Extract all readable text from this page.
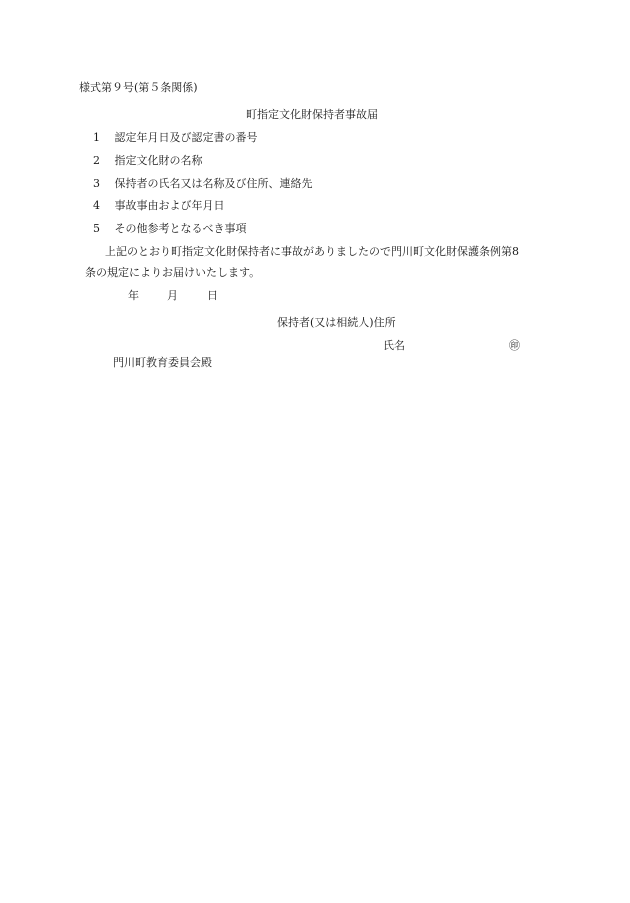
様式第９号(第５条関係)
町指定文化財保持者事故届
1 認定年月日及び認定書の番号
2 指定文化財の名称
3 保持者の氏名又は名称及び住所、連絡先
4 事故事由および年月日
5 その他参考となるべき事項
上記のとおり町指定文化財保持者に事故がありましたので門川町文化財保護条例第8
条の規定によりお届けいたします。
年	月	日
保持者(又は相続人)住所
氏名	㊞
門川町教育委員会殿
